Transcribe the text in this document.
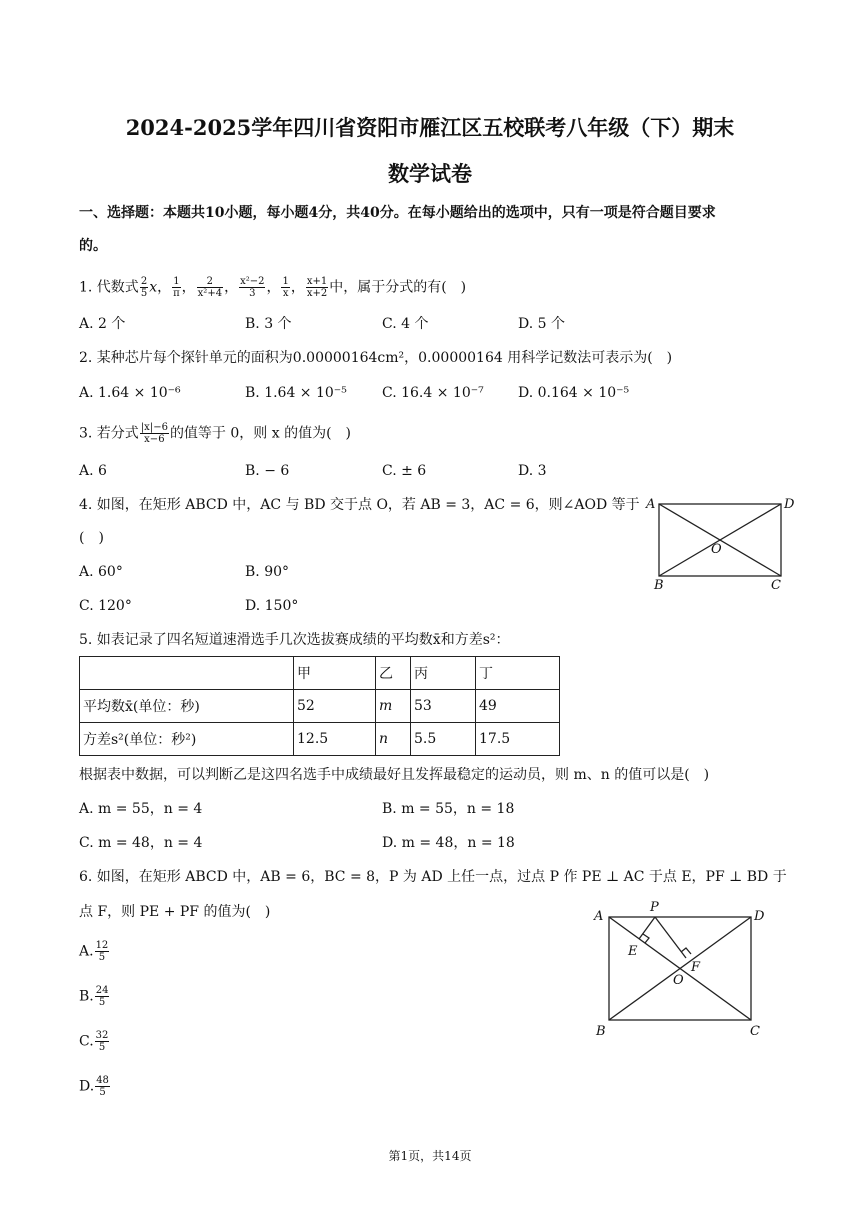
2024-2025学年四川省资阳市雁江区五校联考八年级（下）期末
数学试卷
一、选择题：本题共10小题，每小题4分，共40分。在每小题给出的选项中，只有一项是符合题目要求
的。
1. 代数式 $\frac{2}{5}$ x， $\frac{1}{\pi}$ ， $\frac{2}{\text{x²+4}}$ ， $\frac{\text{x²−2}}{3}$ ， $\frac{1}{x}$ ， $\frac{x+1}{x+2}$ 中，属于分式的有(　)
A. 2 个	B. 3 个	C. 4 个	D. 5 个
2. 某种芯片每个探针单元的面积为0.00000164cm²，0.00000164 用科学记数法可表示为(　)
A. 1.64 × 10⁻⁶	B. 1.64 × 10⁻⁵	C. 16.4 × 10⁻⁷ D. 0.164 × 10⁻⁵
3. 若分式 $\frac{|x|-6}{x-6}$ 的值等于 0，则 x 的值为(　)
A. 6	B. − 6	C. ± 6	D. 3
4. 如图，在矩形 ABCD 中，AC 与 BD 交于点 O，若 AB = 3，AC = 6，则∠AOD 等于
(　)
A. 60°	B. 90°
C. 120°	D. 150°
A	D
O
B	C
5. 如表记录了四名短道速滑选手几次选拔赛成绩的平均数x̄和方差s²：
	甲	乙	丙	丁
平均数x̄(单位：秒)	52	m	53	49
方差s²(单位：秒²)	12.5	n	5.5	17.5
根据表中数据，可以判断乙是这四名选手中成绩最好且发挥最稳定的运动员，则 m、n 的值可以是(　)
A. m = 55，n = 4	B. m = 55，n = 18
C. m = 48，n = 4	D. m = 48，n = 18
6. 如图，在矩形 ABCD 中，AB = 6，BC = 8，P 为 AD 上任一点，过点 P 作 PE ⊥ AC 于点 E，PF ⊥ BD 于
点 F，则 PE + PF 的值为(　)
A. $\frac{12}{5}$
B. $\frac{24}{5}$
C. $\frac{32}{5}$
D. $\frac{48}{5}$
A
P
D
E
F
O
B	C
第1页，共14页
